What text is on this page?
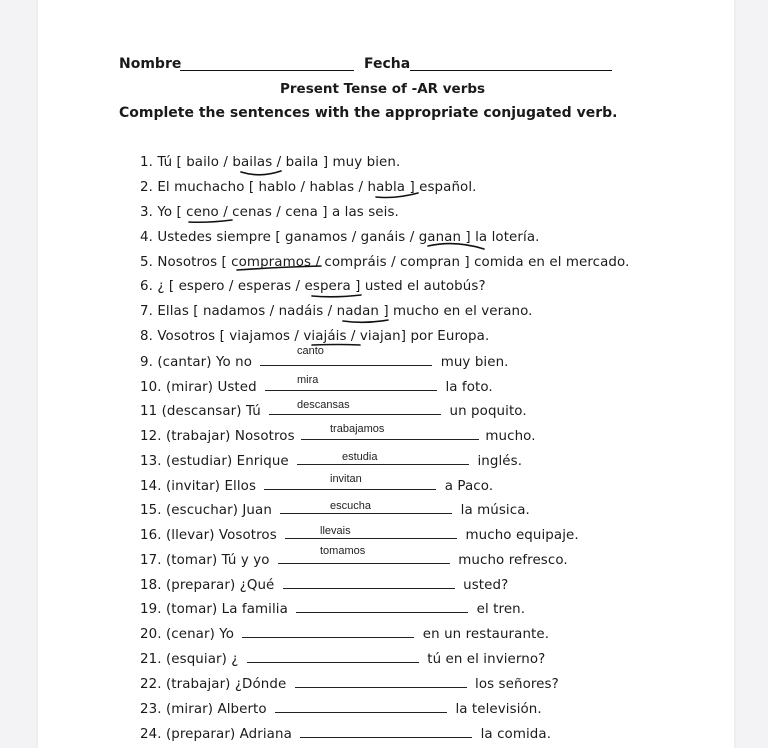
Nombre	Fecha
Present Tense of -AR verbs
Complete the sentences with the appropriate conjugated verb.
1. Tú [ bailo / bailas / baila ] muy bien.
2. El muchacho [ hablo / hablas / habla ] español.
3. Yo [ ceno / cenas / cena ] a las seis.
4. Ustedes siempre [ ganamos / ganáis / ganan ] la lotería.
5. Nosotros [ compramos / compráis / compran ] comida en el mercado.
6. ¿ [ espero / esperas / espera ] usted el autobús?
7. Ellas [ nadamos / nadáis / nadan ] mucho en el verano.
8. Vosotros [ viajamos / viajáis / viajan] por Europa.
9. (cantar) Yo no	muy bien.
canto
10. (mirar) Usted	la foto.
mira
11 (descansar) Tú	un poquito.
descansas
12. (trabajar) Nosotros	mucho.
trabajamos
13. (estudiar) Enrique	inglés.
estudia
14. (invitar) Ellos	a Paco.
invitan
15. (escuchar) Juan	la música.
escucha
16. (llevar) Vosotros	mucho equipaje.
llevais
17. (tomar) Tú y yo	mucho refresco.
tomamos
18. (preparar) ¿Qué	usted?
19. (tomar) La familia	el tren.
20. (cenar) Yo	en un restaurante.
21. (esquiar) ¿	tú en el invierno?
22. (trabajar) ¿Dónde	los señores?
23. (mirar) Alberto	la televisión.
24. (preparar) Adriana	la comida.
